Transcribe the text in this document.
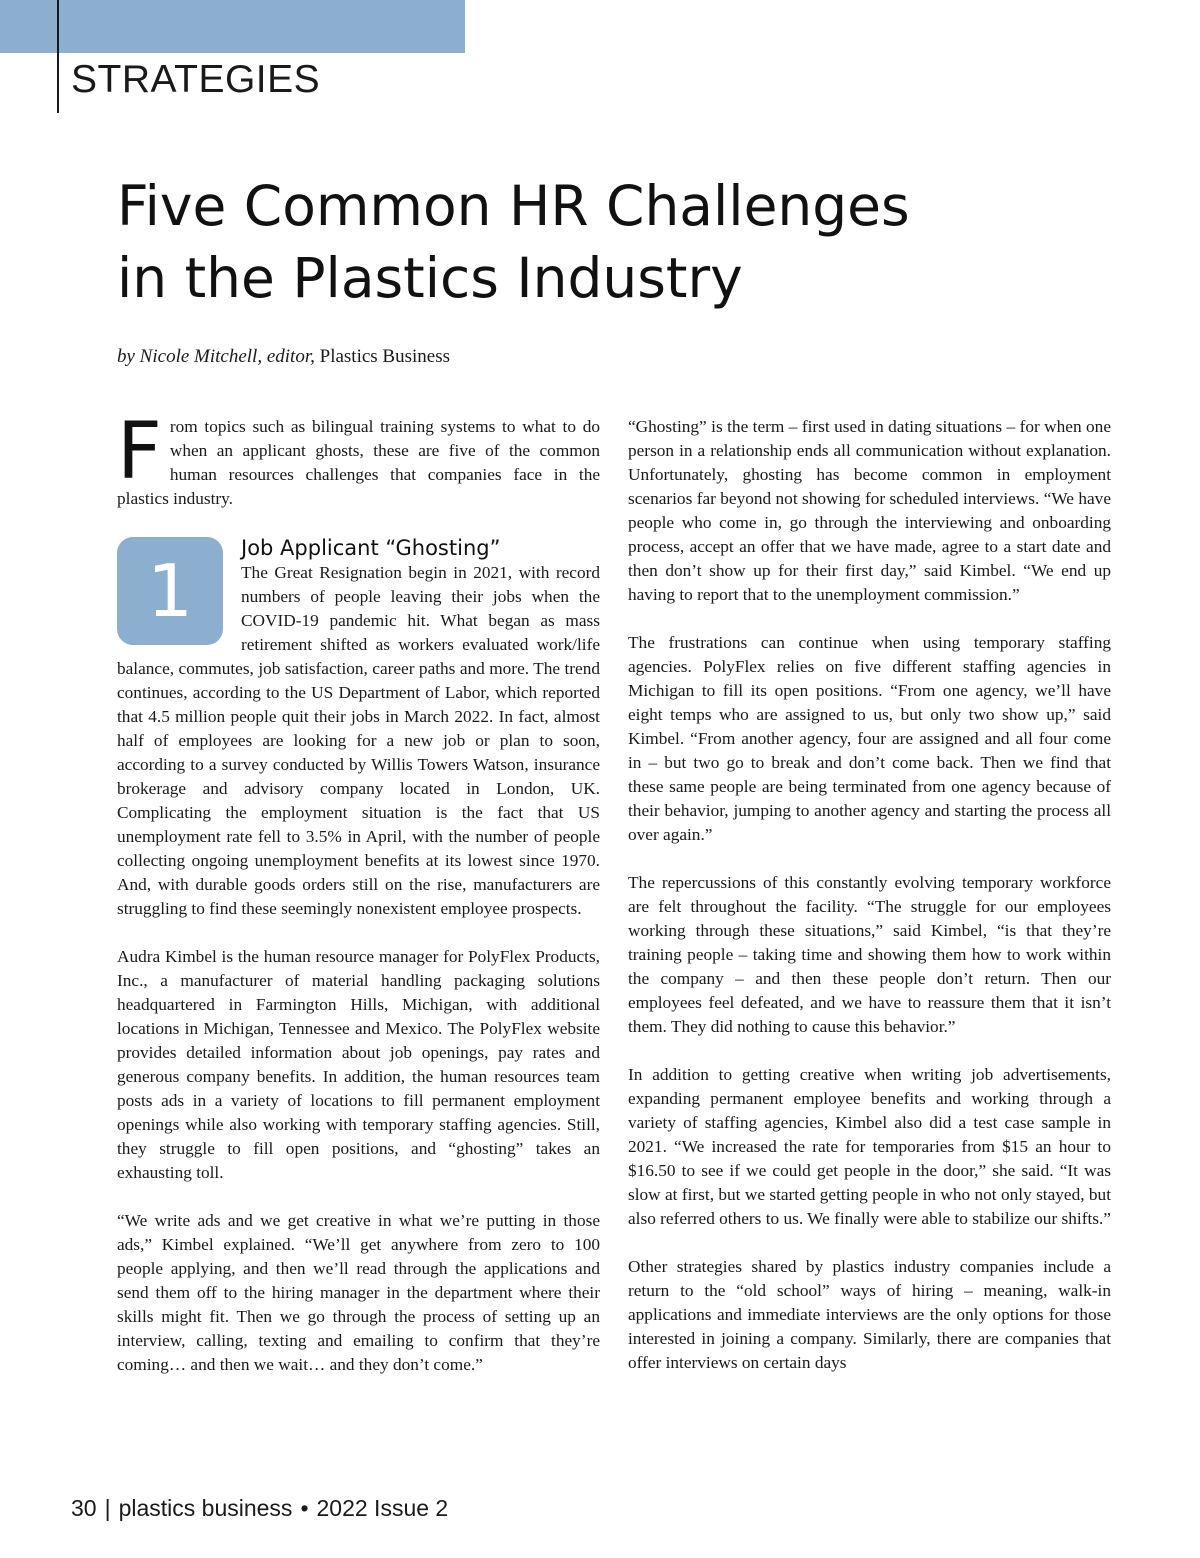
STRATEGIES
Five Common HR Challenges
in the Plastics Industry
by Nicole Mitchell, editor, Plastics Business

From topics such as bilingual training systems to what to do when an applicant ghosts, these are five of the common human resources challenges that companies face in the plastics industry.

1
Job Applicant “Ghosting”
The Great Resignation begin in 2021, with record numbers of people leaving their jobs when the COVID-19 pandemic hit. What began as mass retirement shifted as workers evaluated work/life balance, commutes, job satisfaction, career paths and more. The trend continues, according to the US Department of Labor, which reported that 4.5 million people quit their jobs in March 2022. In fact, almost half of employees are looking for a new job or plan to soon, according to a survey conducted by Willis Towers Watson, insurance brokerage and advisory company located in London, UK. Complicating the employment situation is the fact that US unemployment rate fell to 3.5% in April, with the number of people collecting ongoing unemployment benefits at its lowest since 1970. And, with durable goods orders still on the rise, manufacturers are struggling to find these seemingly nonexistent employee prospects.

Audra Kimbel is the human resource manager for PolyFlex Products, Inc., a manufacturer of material handling packaging solutions headquartered in Farmington Hills, Michigan, with additional locations in Michigan, Tennessee and Mexico. The PolyFlex website provides detailed information about job openings, pay rates and generous company benefits. In addition, the human resources team posts ads in a variety of locations to fill permanent employment openings while also working with temporary staffing agencies. Still, they struggle to fill open positions, and “ghosting” takes an exhausting toll.

“We write ads and we get creative in what we’re putting in those ads,” Kimbel explained. “We’ll get anywhere from zero to 100 people applying, and then we’ll read through the applications and send them off to the hiring manager in the department where their skills might fit. Then we go through the process of setting up an interview, calling, texting and emailing to confirm that they’re coming… and then we wait… and they don’t come.”

“Ghosting” is the term – first used in dating situations – for when one person in a relationship ends all communication without explanation. Unfortunately, ghosting has become common in employment scenarios far beyond not showing for scheduled interviews. “We have people who come in, go through the interviewing and onboarding process, accept an offer that we have made, agree to a start date and then don’t show up for their first day,” said Kimbel. “We end up having to report that to the unemployment commission.”

The frustrations can continue when using temporary staffing agencies. PolyFlex relies on five different staffing agencies in Michigan to fill its open positions. “From one agency, we’ll have eight temps who are assigned to us, but only two show up,” said Kimbel. “From another agency, four are assigned and all four come in – but two go to break and don’t come back. Then we find that these same people are being terminated from one agency because of their behavior, jumping to another agency and starting the process all over again.”

The repercussions of this constantly evolving temporary workforce are felt throughout the facility. “The struggle for our employees working through these situations,” said Kimbel, “is that they’re training people – taking time and showing them how to work within the company – and then these people don’t return. Then our employees feel defeated, and we have to reassure them that it isn’t them. They did nothing to cause this behavior.”

In addition to getting creative when writing job advertisements, expanding permanent employee benefits and working through a variety of staffing agencies, Kimbel also did a test case sample in 2021. “We increased the rate for temporaries from $15 an hour to $16.50 to see if we could get people in the door,” she said. “It was slow at first, but we started getting people in who not only stayed, but also referred others to us. We finally were able to stabilize our shifts.”

Other strategies shared by plastics industry companies include a return to the “old school” ways of hiring – meaning, walk-in applications and immediate interviews are the only options for those interested in joining a company. Similarly, there are companies that offer interviews on certain days

30 | plastics business • 2022 Issue 2
